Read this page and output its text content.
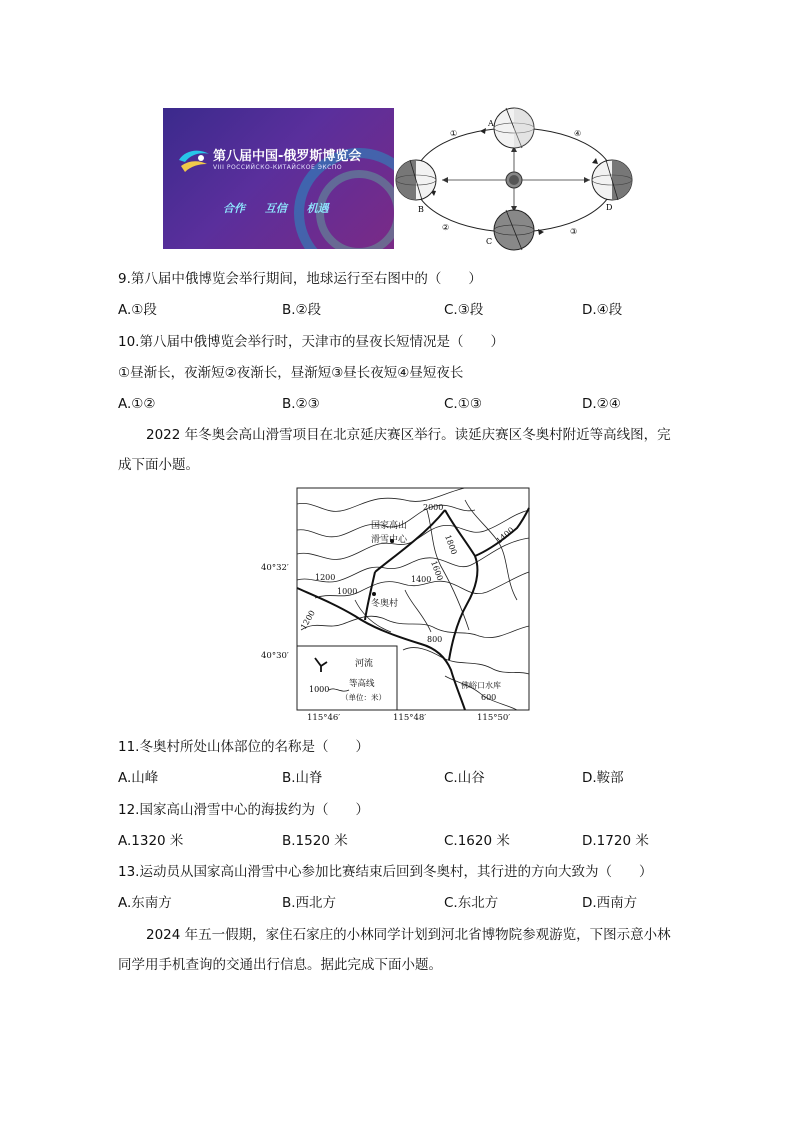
第八届中国-俄罗斯博览会
VIII РОССИЙСКО-КИТАЙСКОЕ ЭКСПО
合作 互信 机遇
A
B
C
D
①
②	③
④
9.第八届中俄博览会举行期间，地球运行至右图中的（　　）
A.①段	B.②段	C.③段	D.④段
10.第八届中俄博览会举行时，天津市的昼夜长短情况是（　　）
①昼渐长，夜渐短②夜渐长，昼渐短③昼长夜短④昼短夜长
A.①②	B.②③	C.①③	D.②④
2022 年冬奥会高山滑雪项目在北京延庆赛区举行。读延庆赛区冬奥村附近等高线图，完成下面小题。
2000
1800
1600
1400
1400
1200
1000
1200
800
600
国家高山
滑雪中心
冬奥村
佛峪口水库
40°32′
40°30′
115°46′	115°48′	115°50′
河流
1000
等高线
（单位：米）
11.冬奥村所处山体部位的名称是（　　）
A.山峰	B.山脊	C.山谷	D.鞍部
12.国家高山滑雪中心的海拔约为（　　）
A.1320 米	B.1520 米	C.1620 米	D.1720 米
13.运动员从国家高山滑雪中心参加比赛结束后回到冬奥村，其行进的方向大致为（　　）
A.东南方	B.西北方	C.东北方	D.西南方
2024 年五一假期，家住石家庄的小林同学计划到河北省博物院参观游览，下图示意小林同学用手机查询的交通出行信息。据此完成下面小题。
